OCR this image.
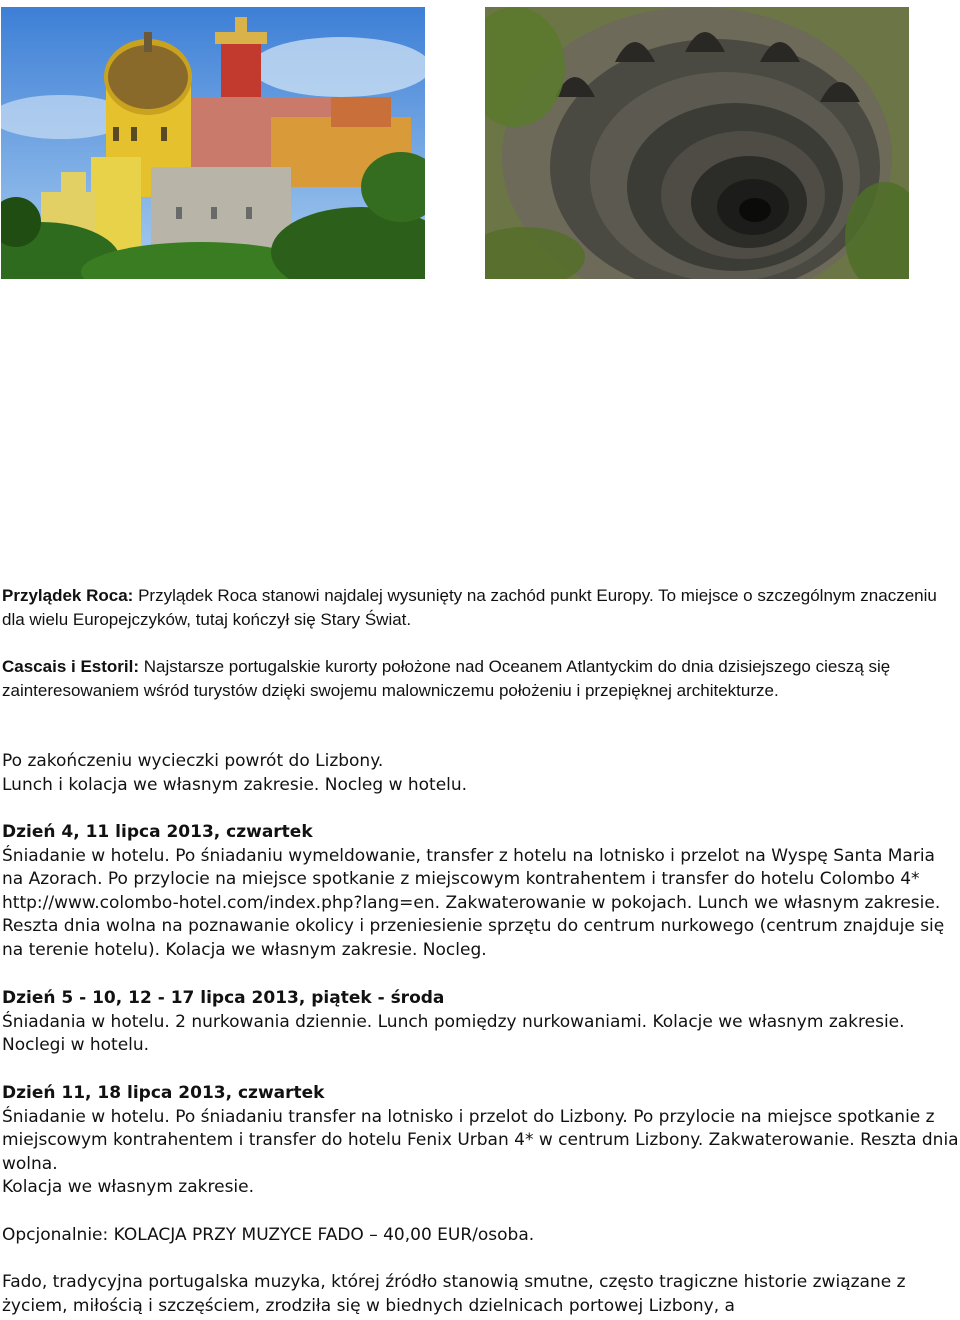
Przylądek Roca: Przylądek Roca stanowi najdalej wysunięty na zachód punkt Europy. To miejsce o szczególnym znaczeniu dla wielu Europejczyków, tutaj kończył się Stary Świat.

Cascais i Estoril: Najstarsze portugalskie kurorty położone nad Oceanem Atlantyckim do dnia dzisiejszego cieszą się zainteresowaniem wśród turystów dzięki swojemu malowniczemu położeniu i przepięknej architekturze.

Po zakończeniu wycieczki powrót do Lizbony.

Lunch i kolacja we własnym zakresie. Nocleg w hotelu.

Dzień 4, 11 lipca 2013, czwartek

Śniadanie w hotelu. Po śniadaniu wymeldowanie, transfer z hotelu na lotnisko i przelot na Wyspę Santa Maria na Azorach. Po przylocie na miejsce spotkanie z miejscowym kontrahentem i transfer do hotelu Colombo 4* http://www.colombo-hotel.com/index.php?lang=en. Zakwaterowanie w pokojach. Lunch we własnym zakresie. Reszta dnia wolna na poznawanie okolicy i przeniesienie sprzętu do centrum nurkowego (centrum znajduje się na terenie hotelu). Kolacja we własnym zakresie. Nocleg.

Dzień 5 - 10, 12 - 17 lipca 2013, piątek - środa

Śniadania w hotelu. 2 nurkowania dziennie. Lunch pomiędzy nurkowaniami. Kolacje we własnym zakresie. Noclegi w hotelu.

Dzień 11, 18 lipca 2013, czwartek

Śniadanie w hotelu. Po śniadaniu transfer na lotnisko i przelot do Lizbony. Po przylocie na miejsce spotkanie z miejscowym kontrahentem i transfer do hotelu Fenix Urban 4* w centrum Lizbony. Zakwaterowanie. Reszta dnia wolna.

Kolacja we własnym zakresie.

Opcjonalnie: KOLACJA PRZY MUZYCE FADO – 40,00 EUR/osoba.

Fado, tradycyjna portugalska muzyka, której źródło stanowią smutne, często tragiczne historie związane z życiem, miłością i szczęściem, zrodziła się w biednych dzielnicach portowej Lizbony, a
